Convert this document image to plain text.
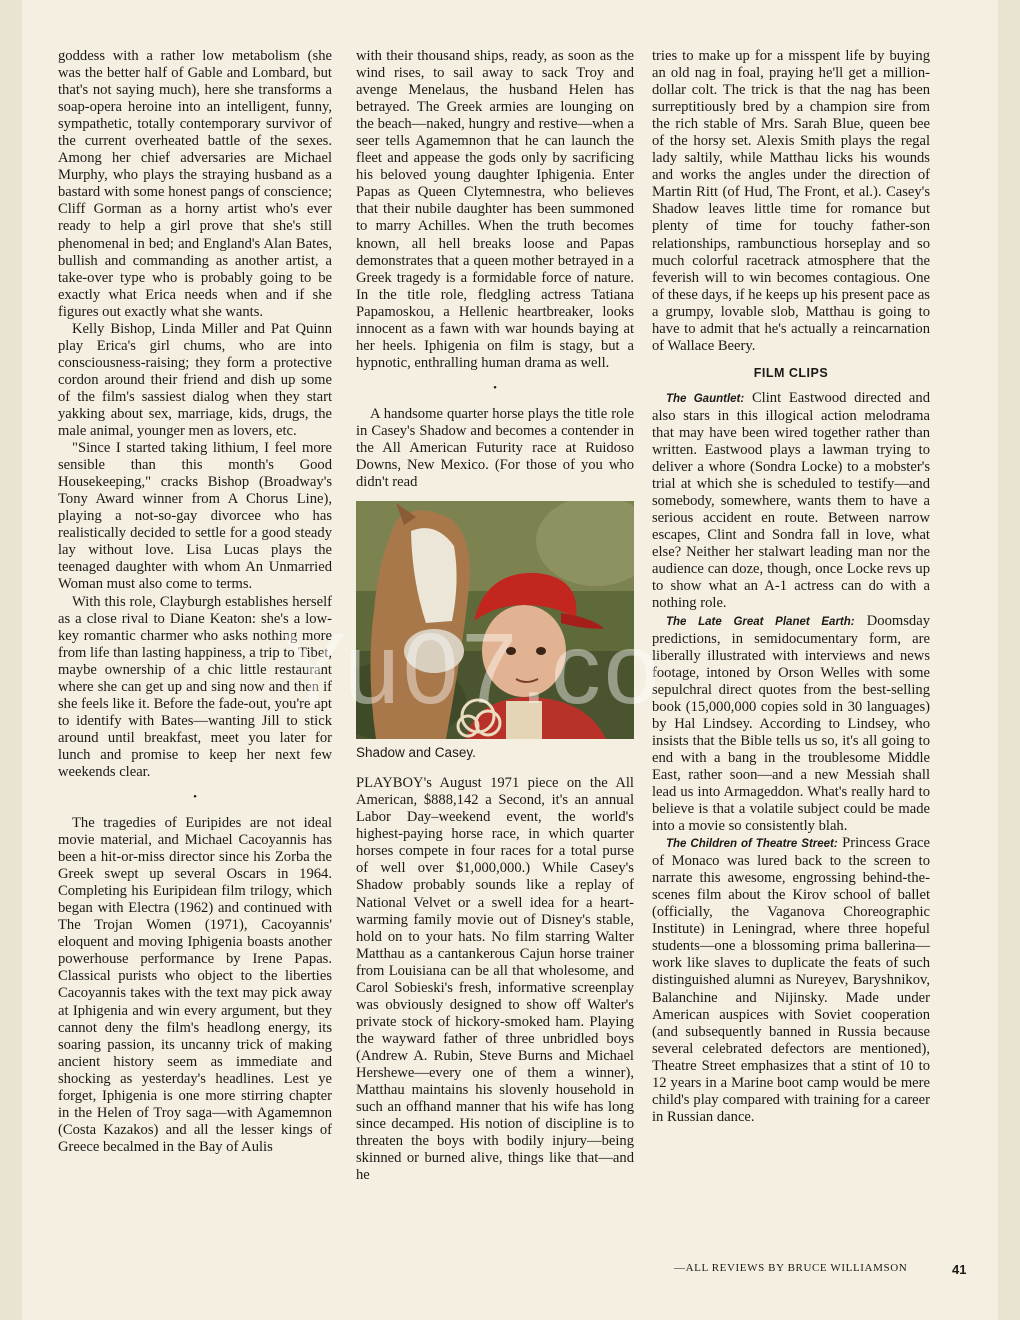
goddess with a rather low metabolism (she was the better half of Gable and Lombard, but that's not saying much), here she transforms a soap-opera heroine into an intelligent, funny, sympathetic, totally contemporary survivor of the current overheated battle of the sexes. Among her chief adversaries are Michael Murphy, who plays the straying husband as a bastard with some honest pangs of conscience; Cliff Gorman as a horny artist who's ever ready to help a girl prove that she's still phenomenal in bed; and England's Alan Bates, bullish and commanding as another artist, a take-over type who is probably going to be exactly what Erica needs when and if she figures out exactly what she wants.

Kelly Bishop, Linda Miller and Pat Quinn play Erica's girl chums, who are into consciousness-raising; they form a protective cordon around their friend and dish up some of the film's sassiest dialog when they start yakking about sex, marriage, kids, drugs, the male animal, younger men as lovers, etc.

"Since I started taking lithium, I feel more sensible than this month's Good Housekeeping," cracks Bishop (Broadway's Tony Award winner from A Chorus Line), playing a not-so-gay divorcee who has realistically decided to settle for a good steady lay without love. Lisa Lucas plays the teenaged daughter with whom An Unmarried Woman must also come to terms.

With this role, Clayburgh establishes herself as a close rival to Diane Keaton: she's a low-key romantic charmer who asks nothing more from life than lasting happiness, a trip to Tibet, maybe ownership of a chic little restaurant where she can get up and sing now and then if she feels like it. Before the fade-out, you're apt to identify with Bates—wanting Jill to stick around until breakfast, meet you later for lunch and promise to keep her next few weekends clear.

•

The tragedies of Euripides are not ideal movie material, and Michael Cacoyannis has been a hit-or-miss director since his Zorba the Greek swept up several Oscars in 1964. Completing his Euripidean film trilogy, which began with Electra (1962) and continued with The Trojan Women (1971), Cacoyannis' eloquent and moving Iphigenia boasts another powerhouse performance by Irene Papas. Classical purists who object to the liberties Cacoyannis takes with the text may pick away at Iphigenia and win every argument, but they cannot deny the film's headlong energy, its soaring passion, its uncanny trick of making ancient history seem as immediate and shocking as yesterday's headlines. Lest ye forget, Iphigenia is one more stirring chapter in the Helen of Troy saga—with Agamemnon (Costa Kazakos) and all the lesser kings of Greece becalmed in the Bay of Aulis

with their thousand ships, ready, as soon as the wind rises, to sail away to sack Troy and avenge Menelaus, the husband Helen has betrayed. The Greek armies are lounging on the beach—naked, hungry and restive—when a seer tells Agamemnon that he can launch the fleet and appease the gods only by sacrificing his beloved young daughter Iphigenia. Enter Papas as Queen Clytemnestra, who believes that their nubile daughter has been summoned to marry Achilles. When the truth becomes known, all hell breaks loose and Papas demonstrates that a queen mother betrayed in a Greek tragedy is a formidable force of nature. In the title role, fledgling actress Tatiana Papamoskou, a Hellenic heartbreaker, looks innocent as a fawn with war hounds baying at her heels. Iphigenia on film is stagy, but a hypnotic, enthralling human drama as well.

•

A handsome quarter horse plays the title role in Casey's Shadow and becomes a contender in the All American Futurity race at Ruidoso Downs, New Mexico. (For those of you who didn't read

Shadow and Casey.

PLAYBOY's August 1971 piece on the All American, $888,142 a Second, it's an annual Labor Day–weekend event, the world's highest-paying horse race, in which quarter horses compete in four races for a total purse of well over $1,000,000.) While Casey's Shadow probably sounds like a replay of National Velvet or a swell idea for a heart-warming family movie out of Disney's stable, hold on to your hats. No film starring Walter Matthau as a cantankerous Cajun horse trainer from Louisiana can be all that wholesome, and Carol Sobieski's fresh, informative screenplay was obviously designed to show off Walter's private stock of hickory-smoked ham. Playing the wayward father of three unbridled boys (Andrew A. Rubin, Steve Burns and Michael Hershewe—every one of them a winner), Matthau maintains his slovenly household in such an offhand manner that his wife has long since decamped. His notion of discipline is to threaten the boys with bodily injury—being skinned or burned alive, things like that—and he

tries to make up for a misspent life by buying an old nag in foal, praying he'll get a million-dollar colt. The trick is that the nag has been surreptitiously bred by a champion sire from the rich stable of Mrs. Sarah Blue, queen bee of the horsy set. Alexis Smith plays the regal lady saltily, while Matthau licks his wounds and works the angles under the direction of Martin Ritt (of Hud, The Front, et al.). Casey's Shadow leaves little time for romance but plenty of time for touchy father-son relationships, rambunctious horseplay and so much colorful racetrack atmosphere that the feverish will to win becomes contagious. One of these days, if he keeps up his present pace as a grumpy, lovable slob, Matthau is going to have to admit that he's actually a reincarnation of Wallace Beery.

FILM CLIPS

The Gauntlet: Clint Eastwood directed and also stars in this illogical action melodrama that may have been wired together rather than written. Eastwood plays a lawman trying to deliver a whore (Sondra Locke) to a mobster's trial at which she is scheduled to testify—and somebody, somewhere, wants them to have a serious accident en route. Between narrow escapes, Clint and Sondra fall in love, what else? Neither her stalwart leading man nor the audience can doze, though, once Locke revs up to show what an A-1 actress can do with a nothing role.

The Late Great Planet Earth: Doomsday predictions, in semidocumentary form, are liberally illustrated with interviews and news footage, intoned by Orson Welles with some sepulchral direct quotes from the best-selling book (15,000,000 copies sold in 30 languages) by Hal Lindsey. According to Lindsey, who insists that the Bible tells us so, it's all going to end with a bang in the troublesome Middle East, rather soon—and a new Messiah shall lead us into Armageddon. What's really hard to believe is that a volatile subject could be made into a movie so consistently blah.

The Children of Theatre Street: Princess Grace of Monaco was lured back to the screen to narrate this awesome, engrossing behind-the-scenes film about the Kirov school of ballet (officially, the Vaganova Choreographic Institute) in Leningrad, where three hopeful students—one a blossoming prima ballerina—work like slaves to duplicate the feats of such distinguished alumni as Nureyev, Baryshnikov, Balanchine and Nijinsky. Made under American auspices with Soviet cooperation (and subsequently banned in Russia because several celebrated defectors are mentioned), Theatre Street emphasizes that a stint of 10 to 12 years in a Marine boot camp would be mere child's play compared with training for a career in Russian dance.

—ALL REVIEWS BY BRUCE WILLIAMSON	41
Yu07.co
